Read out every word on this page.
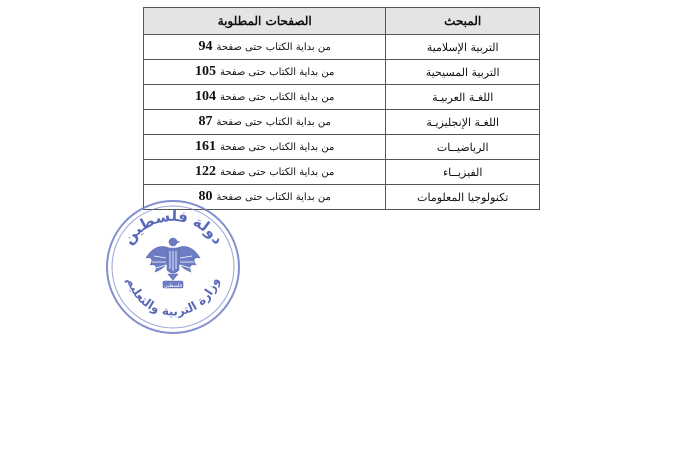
المبحث	الصفحات المطلوبة
التربية الإسلامية	من بداية الكتاب حتى صفحة94
التربية المسيحية	من بداية الكتاب حتى صفحة105
اللغـة العربيـة	من بداية الكتاب حتى صفحة104
اللغـة الإنجليزيـة	من بداية الكتاب حتى صفحة87
الرياضيــات	من بداية الكتاب حتى صفحة161
الفيزيــاء	من بداية الكتاب حتى صفحة122
تكنولوجيا المعلومات	من بداية الكتاب حتى صفحة80
دولة فلسطين
وزارة التربية والتعليم
فلسطين
